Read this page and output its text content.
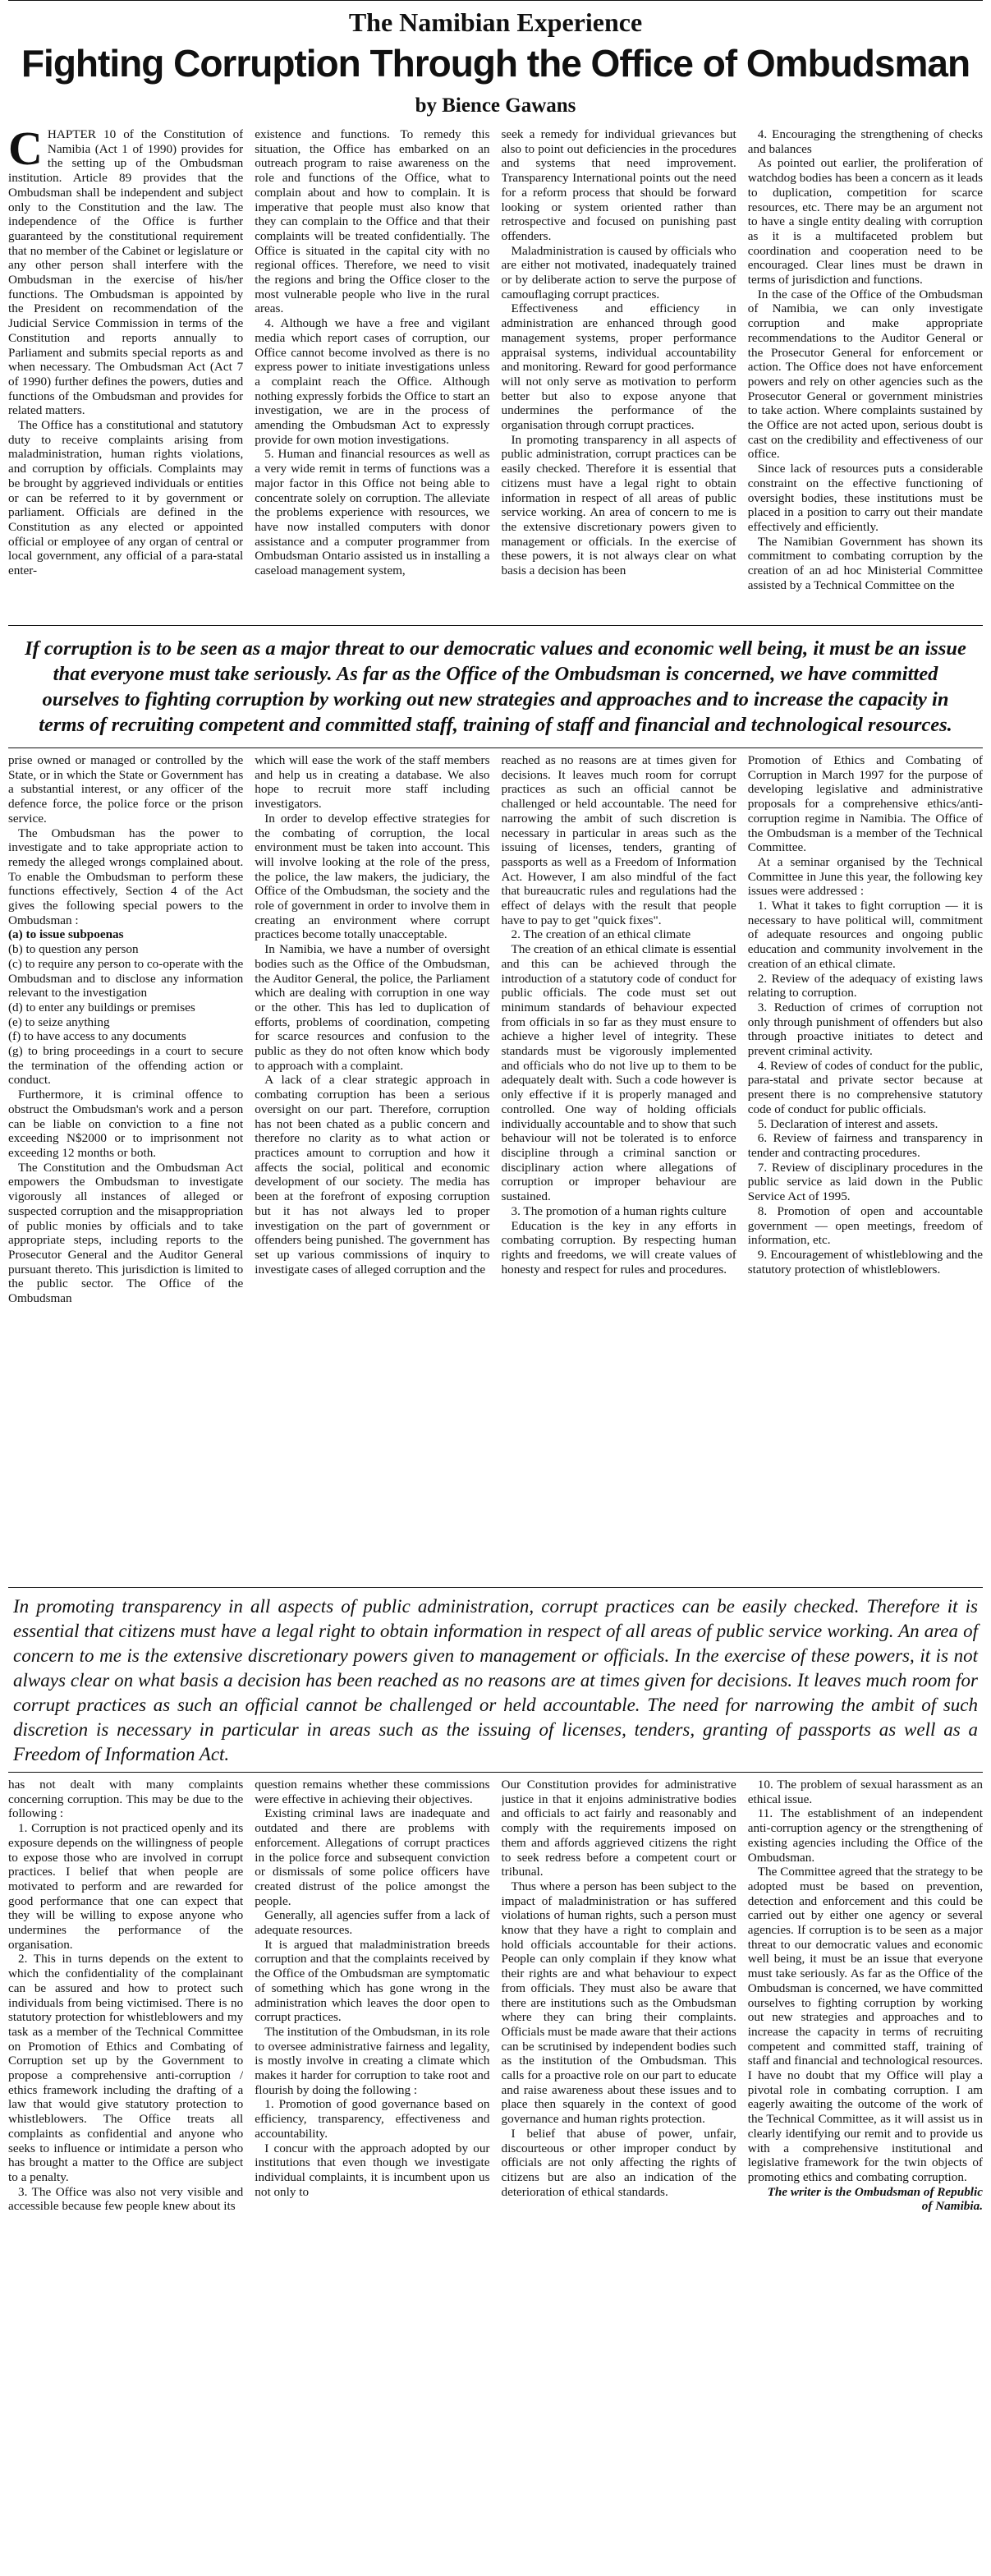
The Namibian Experience
Fighting Corruption Through the Office of Ombudsman
by Bience Gawans

CHAPTER 10 of the Constitution of Namibia (Act 1 of 1990) provides for the setting up of the Ombudsman institution. Article 89 provides that the Ombudsman shall be independent and subject only to the Constitution and the law. The independence of the Office is further guaranteed by the constitutional requirement that no member of the Cabinet or legislature or any other person shall interfere with the Ombudsman in the exercise of his/her functions. The Ombudsman is appointed by the President on recommendation of the Judicial Service Commission in terms of the Constitution and reports annually to Parliament and submits special reports as and when necessary. The Ombudsman Act (Act 7 of 1990) further defines the powers, duties and functions of the Ombudsman and provides for related matters.

The Office has a constitutional and statutory duty to receive complaints arising from maladministration, human rights violations, and corruption by officials. Complaints may be brought by aggrieved individuals or entities or can be referred to it by government or parliament. Officials are defined in the Constitution as any elected or appointed official or employee of any organ of central or local government, any official of a para-statal enter-

existence and functions. To remedy this situation, the Office has embarked on an outreach program to raise awareness on the role and functions of the Office, what to complain about and how to complain. It is imperative that people must also know that they can complain to the Office and that their complaints will be treated confidentially. The Office is situated in the capital city with no regional offices. Therefore, we need to visit the regions and bring the Office closer to the most vulnerable people who live in the rural areas.

4. Although we have a free and vigilant media which report cases of corruption, our Office cannot become involved as there is no express power to initiate investigations unless a complaint reach the Office. Although nothing expressly forbids the Office to start an investigation, we are in the process of amending the Ombudsman Act to expressly provide for own motion investigations.

5. Human and financial resources as well as a very wide remit in terms of functions was a major factor in this Office not being able to concentrate solely on corruption. The alleviate the problems experience with resources, we have now installed computers with donor assistance and a computer programmer from Ombudsman Ontario assisted us in installing a caseload management system,

seek a remedy for individual grievances but also to point out deficiencies in the procedures and systems that need improvement. Transparency International points out the need for a reform process that should be forward looking or system oriented rather than retrospective and focused on punishing past offenders.

Maladministration is caused by officials who are either not motivated, inadequately trained or by deliberate action to serve the purpose of camouflaging corrupt practices.

Effectiveness and efficiency in administration are enhanced through good management systems, proper performance appraisal systems, individual accountability and monitoring. Reward for good performance will not only serve as motivation to perform better but also to expose anyone that undermines the performance of the organisation through corrupt practices.

In promoting transparency in all aspects of public administration, corrupt practices can be easily checked. Therefore it is essential that citizens must have a legal right to obtain information in respect of all areas of public service working. An area of concern to me is the extensive discretionary powers given to management or officials. In the exercise of these powers, it is not always clear on what basis a decision has been

4. Encouraging the strengthening of checks and balances

As pointed out earlier, the proliferation of watchdog bodies has been a concern as it leads to duplication, competition for scarce resources, etc. There may be an argument not to have a single entity dealing with corruption as it is a multifaceted problem but coordination and cooperation need to be encouraged. Clear lines must be drawn in terms of jurisdiction and functions.

In the case of the Office of the Ombudsman of Namibia, we can only investigate corruption and make appropriate recommendations to the Auditor General or the Prosecutor General for enforcement or action. The Office does not have enforcement powers and rely on other agencies such as the Prosecutor General or government ministries to take action. Where complaints sustained by the Office are not acted upon, serious doubt is cast on the credibility and effectiveness of our office.

Since lack of resources puts a considerable constraint on the effective functioning of oversight bodies, these institutions must be placed in a position to carry out their mandate effectively and efficiently.

The Namibian Government has shown its commitment to combating corruption by the creation of an ad hoc Ministerial Committee assisted by a Technical Committee on the

If corruption is to be seen as a major threat to our democratic values and economic well being, it must be an issue that everyone must take seriously. As far as the Office of the Ombudsman is concerned, we have committed ourselves to fighting corruption by working out new strategies and approaches and to increase the capacity in terms of recruiting competent and committed staff, training of staff and financial and technological resources.

prise owned or managed or controlled by the State, or in which the State or Government has a substantial interest, or any officer of the defence force, the police force or the prison service.

The Ombudsman has the power to investigate and to take appropriate action to remedy the alleged wrongs complained about. To enable the Ombudsman to perform these functions effectively, Section 4 of the Act gives the following special powers to the Ombudsman :

(a) to issue subpoenas

(b) to question any person

(c) to require any person to co-operate with the Ombudsman and to disclose any information relevant to the investigation

(d) to enter any buildings or premises

(e) to seize anything

(f) to have access to any documents

(g) to bring proceedings in a court to secure the termination of the offending action or conduct.

Furthermore, it is criminal offence to obstruct the Ombudsman's work and a person can be liable on conviction to a fine not exceeding N$2000 or to imprisonment not exceeding 12 months or both.

The Constitution and the Ombudsman Act empowers the Ombudsman to investigate vigorously all instances of alleged or suspected corruption and the misappropriation of public monies by officials and to take appropriate steps, including reports to the Prosecutor General and the Auditor General pursuant thereto. This jurisdiction is limited to the public sector. The Office of the Ombudsman

which will ease the work of the staff members and help us in creating a database. We also hope to recruit more staff including investigators.

In order to develop effective strategies for the combating of corruption, the local environment must be taken into account. This will involve looking at the role of the press, the police, the law makers, the judiciary, the Office of the Ombudsman, the society and the role of government in order to involve them in creating an environment where corrupt practices become totally unacceptable.

In Namibia, we have a number of oversight bodies such as the Office of the Ombudsman, the Auditor General, the police, the Parliament which are dealing with corruption in one way or the other. This has led to duplication of efforts, problems of coordination, competing for scarce resources and confusion to the public as they do not often know which body to approach with a complaint.

A lack of a clear strategic approach in combating corruption has been a serious oversight on our part. Therefore, corruption has not been chated as a public concern and therefore no clarity as to what action or practices amount to corruption and how it affects the social, political and economic development of our society. The media has been at the forefront of exposing corruption but it has not always led to proper investigation on the part of government or offenders being punished. The government has set up various commissions of inquiry to investigate cases of alleged corruption and the

reached as no reasons are at times given for decisions. It leaves much room for corrupt practices as such an official cannot be challenged or held accountable. The need for narrowing the ambit of such discretion is necessary in particular in areas such as the issuing of licenses, tenders, granting of passports as well as a Freedom of Information Act. However, I am also mindful of the fact that bureaucratic rules and regulations had the effect of delays with the result that people have to pay to get "quick fixes".

2. The creation of an ethical climate

The creation of an ethical climate is essential and this can be achieved through the introduction of a statutory code of conduct for public officials. The code must set out minimum standards of behaviour expected from officials in so far as they must ensure to achieve a higher level of integrity. These standards must be vigorously implemented and officials who do not live up to them to be adequately dealt with. Such a code however is only effective if it is properly managed and controlled. One way of holding officials individually accountable and to show that such behaviour will not be tolerated is to enforce discipline through a criminal sanction or disciplinary action where allegations of corruption or improper behaviour are sustained.

3. The promotion of a human rights culture

Education is the key in any efforts in combating corruption. By respecting human rights and freedoms, we will create values of honesty and respect for rules and procedures.

Promotion of Ethics and Combating of Corruption in March 1997 for the purpose of developing legislative and administrative proposals for a comprehensive ethics/anti-corruption regime in Namibia. The Office of the Ombudsman is a member of the Technical Committee.

At a seminar organised by the Technical Committee in June this year, the following key issues were addressed :

1. What it takes to fight corruption — it is necessary to have political will, commitment of adequate resources and ongoing public education and community involvement in the creation of an ethical climate.

2. Review of the adequacy of existing laws relating to corruption.

3. Reduction of crimes of corruption not only through punishment of offenders but also through proactive initiates to detect and prevent criminal activity.

4. Review of codes of conduct for the public, para-statal and private sector because at present there is no comprehensive statutory code of conduct for public officials.

5. Declaration of interest and assets.

6. Review of fairness and transparency in tender and contracting procedures.

7. Review of disciplinary procedures in the public service as laid down in the Public Service Act of 1995.

8. Promotion of open and accountable government — open meetings, freedom of information, etc.

9. Encouragement of whistleblowing and the statutory protection of whistleblowers.

In promoting transparency in all aspects of public administration, corrupt practices can be easily checked. Therefore it is essential that citizens must have a legal right to obtain information in respect of all areas of public service working. An area of concern to me is the extensive discretionary powers given to management or officials. In the exercise of these powers, it is not always clear on what basis a decision has been reached as no reasons are at times given for decisions. It leaves much room for corrupt practices as such an official cannot be challenged or held accountable. The need for narrowing the ambit of such discretion is necessary in particular in areas such as the issuing of licenses, tenders, granting of passports as well as a Freedom of Information Act.

has not dealt with many complaints concerning corruption. This may be due to the following :

1. Corruption is not practiced openly and its exposure depends on the willingness of people to expose those who are involved in corrupt practices. I belief that when people are motivated to perform and are rewarded for good performance that one can expect that they will be willing to expose anyone who undermines the performance of the organisation.

2. This in turns depends on the extent to which the confidentiality of the complainant can be assured and how to protect such individuals from being victimised. There is no statutory protection for whistleblowers and my task as a member of the Technical Committee on Promotion of Ethics and Combating of Corruption set up by the Government to propose a comprehensive anti-corruption / ethics framework including the drafting of a law that would give statutory protection to whistleblowers. The Office treats all complaints as confidential and anyone who seeks to influence or intimidate a person who has brought a matter to the Office are subject to a penalty.

3. The Office was also not very visible and accessible because few people knew about its

question remains whether these commissions were effective in achieving their objectives.

Existing criminal laws are inadequate and outdated and there are problems with enforcement. Allegations of corrupt practices in the police force and subsequent conviction or dismissals of some police officers have created distrust of the police amongst the people.

Generally, all agencies suffer from a lack of adequate resources.

It is argued that maladministration breeds corruption and that the complaints received by the Office of the Ombudsman are symptomatic of something which has gone wrong in the administration which leaves the door open to corrupt practices.

The institution of the Ombudsman, in its role to oversee administrative fairness and legality, is mostly involve in creating a climate which makes it harder for corruption to take root and flourish by doing the following :

1. Promotion of good governance based on efficiency, transparency, effectiveness and accountability.

I concur with the approach adopted by our institutions that even though we investigate individual complaints, it is incumbent upon us not only to

Our Constitution provides for administrative justice in that it enjoins administrative bodies and officials to act fairly and reasonably and comply with the requirements imposed on them and affords aggrieved citizens the right to seek redress before a competent court or tribunal.

Thus where a person has been subject to the impact of maladministration or has suffered violations of human rights, such a person must know that they have a right to complain and hold officials accountable for their actions. People can only complain if they know what their rights are and what behaviour to expect from officials. They must also be aware that there are institutions such as the Ombudsman where they can bring their complaints. Officials must be made aware that their actions can be scrutinised by independent bodies such as the institution of the Ombudsman. This calls for a proactive role on our part to educate and raise awareness about these issues and to place then squarely in the context of good governance and human rights protection.

I belief that abuse of power, unfair, discourteous or other improper conduct by officials are not only affecting the rights of citizens but are also an indication of the deterioration of ethical standards.

10. The problem of sexual harassment as an ethical issue.

11. The establishment of an independent anti-corruption agency or the strengthening of existing agencies including the Office of the Ombudsman.

The Committee agreed that the strategy to be adopted must be based on prevention, detection and enforcement and this could be carried out by either one agency or several agencies. If corruption is to be seen as a major threat to our democratic values and economic well being, it must be an issue that everyone must take seriously. As far as the Office of the Ombudsman is concerned, we have committed ourselves to fighting corruption by working out new strategies and approaches and to increase the capacity in terms of recruiting competent and committed staff, training of staff and financial and technological resources. I have no doubt that my Office will play a pivotal role in combating corruption. I am eagerly awaiting the outcome of the work of the Technical Committee, as it will assist us in clearly identifying our remit and to provide us with a comprehensive institutional and legislative framework for the twin objects of promoting ethics and combating corruption.

The writer is the Ombudsman of Republic of Namibia.
